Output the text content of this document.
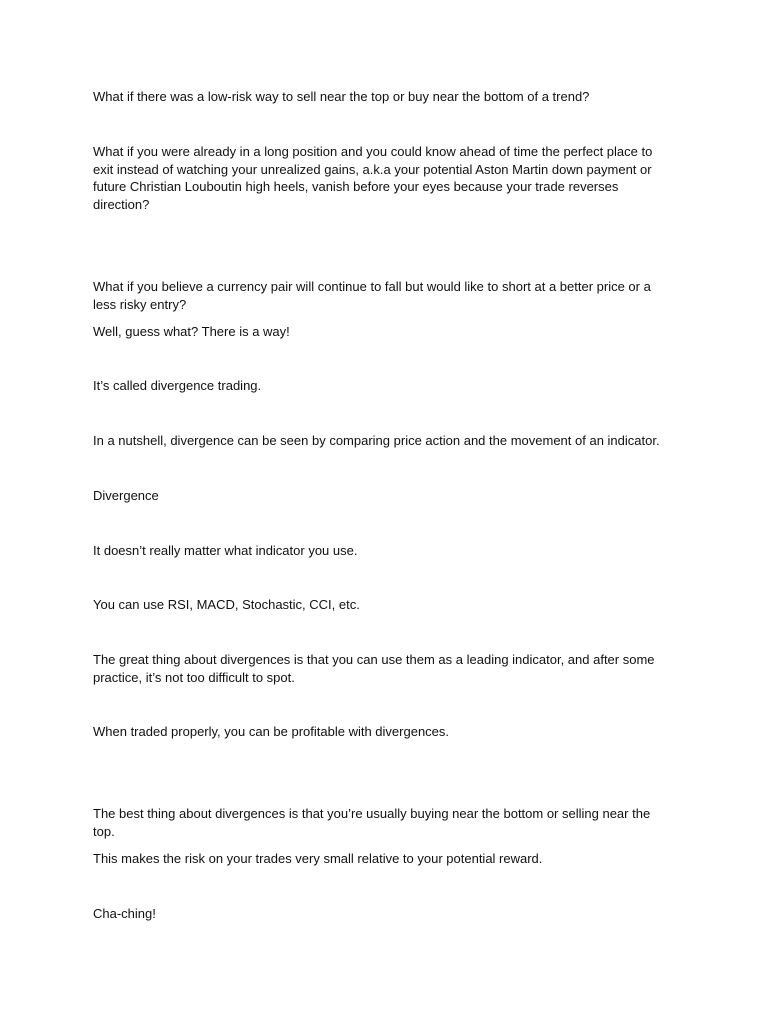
What if there was a low-risk way to sell near the top or buy near the bottom of a trend?

What if you were already in a long position and you could know ahead of time the perfect place to exit instead of watching your unrealized gains, a.k.a your potential Aston Martin down payment or future Christian Louboutin high heels, vanish before your eyes because your trade reverses direction?

What if you believe a currency pair will continue to fall but would like to short at a better price or a less risky entry?

Well, guess what? There is a way!

It’s called divergence trading.

In a nutshell, divergence can be seen by comparing price action and the movement of an indicator.

Divergence

It doesn’t really matter what indicator you use.

You can use RSI, MACD, Stochastic, CCI, etc.

The great thing about divergences is that you can use them as a leading indicator, and after some practice, it’s not too difficult to spot.

When traded properly, you can be profitable with divergences.

The best thing about divergences is that you’re usually buying near the bottom or selling near the top.

This makes the risk on your trades very small relative to your potential reward.

Cha-ching!
